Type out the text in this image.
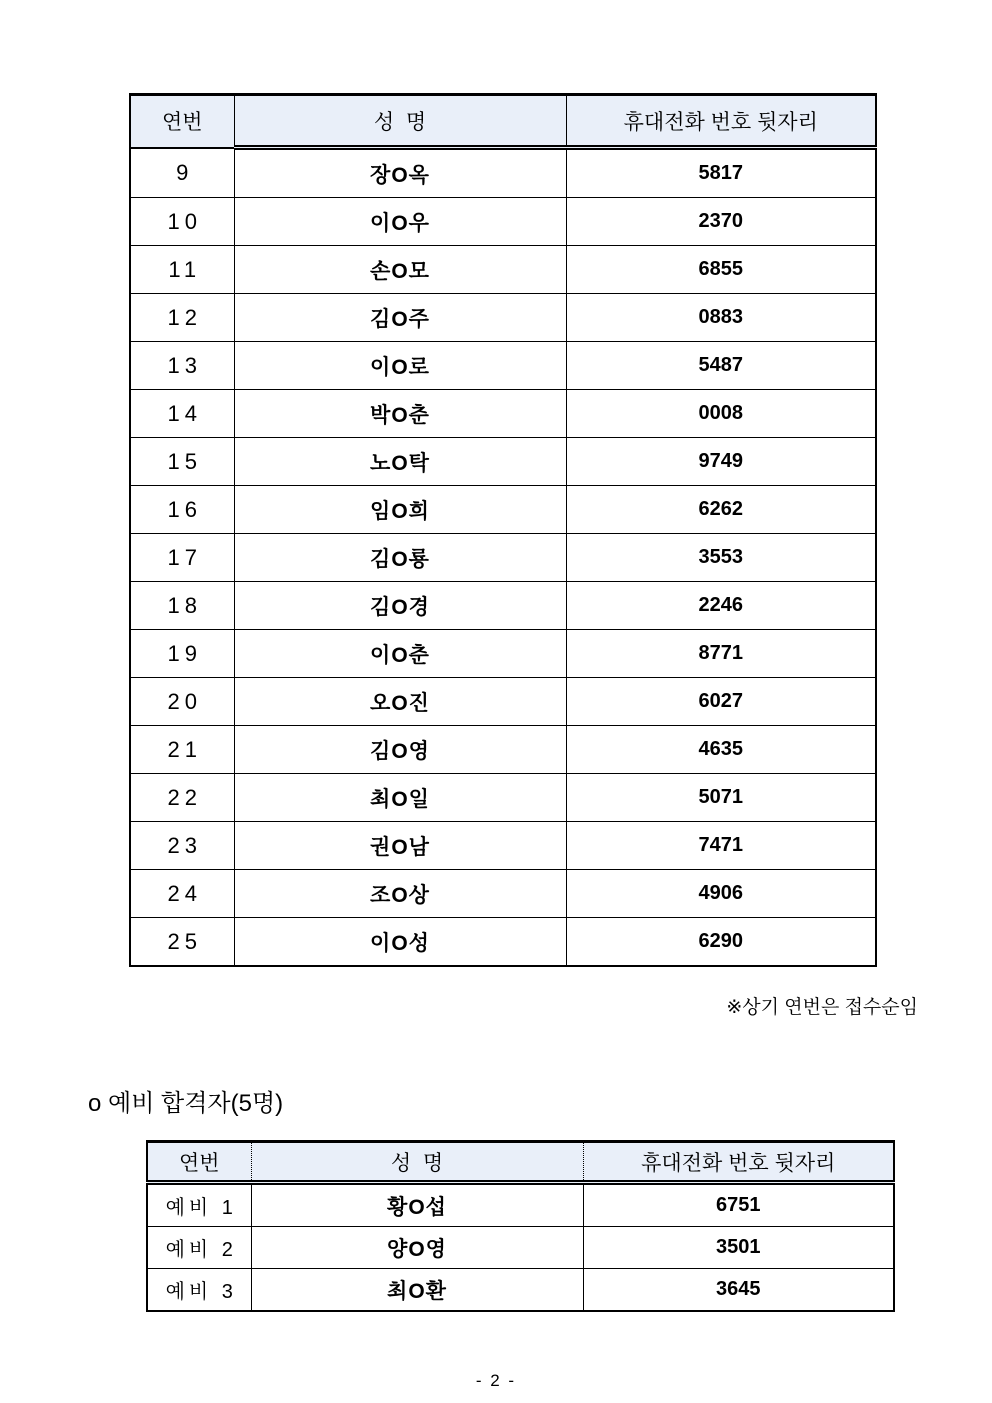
연번	성  명	휴대전화 번호 뒷자리
9	장O옥	5817
10	이O우	2370
11	손O모	6855
12	김O주	0883
13	이O로	5487
14	박O춘	0008
15	노O탁	9749
16	임O희	6262
17	김O룡	3553
18	김O경	2246
19	이O춘	8771
20	오O진	6027
21	김O영	4635
22	최O일	5071
23	권O남	7471
24	조O상	4906
25	이O성	6290
※상기 연번은 접수순임
o 예비 합격자(5명)
연번	성  명	휴대전화 번호 뒷자리
예비 1	황O섭	6751
예비 2	양O영	3501
예비 3	최O환	3645
- 2 -
